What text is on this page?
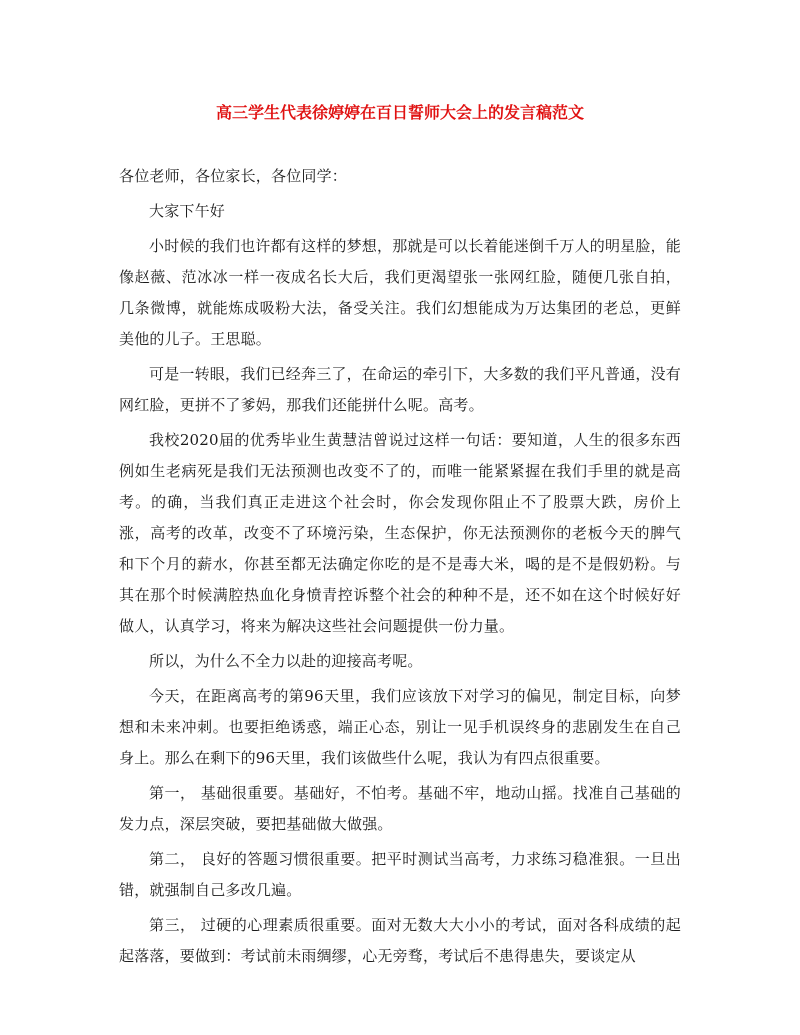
高三学生代表徐婷婷在百日誓师大会上的发言稿范文

各位老师，各位家长，各位同学：

大家下午好

小时候的我们也许都有这样的梦想，那就是可以长着能迷倒千万人的明星脸，能像赵薇、范冰冰一样一夜成名长大后，我们更渴望张一张网红脸，随便几张自拍，几条微博，就能炼成吸粉大法，备受关注。我们幻想能成为万达集团的老总，更鲜美他的儿子。王思聪。

可是一转眼，我们已经奔三了，在命运的牵引下，大多数的我们平凡普通，没有网红脸，更拼不了爹妈，那我们还能拼什么呢。高考。

我校2020届的优秀毕业生黄慧洁曾说过这样一句话：要知道，人生的很多东西例如生老病死是我们无法预测也改变不了的，而唯一能紧紧握在我们手里的就是高考。的确，当我们真正走进这个社会时，你会发现你阻止不了股票大跌，房价上涨，高考的改革，改变不了环境污染，生态保护，你无法预测你的老板今天的脾气和下个月的薪水，你甚至都无法确定你吃的是不是毒大米，喝的是不是假奶粉。与其在那个时候满腔热血化身愤青控诉整个社会的种种不是，还不如在这个时候好好做人，认真学习，将来为解决这些社会问题提供一份力量。

所以，为什么不全力以赴的迎接高考呢。

今天，在距离高考的第96天里，我们应该放下对学习的偏见，制定目标，向梦想和未来冲刺。也要拒绝诱惑，端正心态，别让一见手机误终身的悲剧发生在自己身上。那么在剩下的96天里，我们该做些什么呢，我认为有四点很重要。

第一， 基础很重要。基础好，不怕考。基础不牢，地动山摇。找准自己基础的发力点，深层突破，要把基础做大做强。

第二， 良好的答题习惯很重要。把平时测试当高考，力求练习稳准狠。一旦出错，就强制自己多改几遍。

第三， 过硬的心理素质很重要。面对无数大大小小的考试，面对各科成绩的起起落落，要做到：考试前未雨绸缪，心无旁骛，考试后不患得患失，要谈定从
